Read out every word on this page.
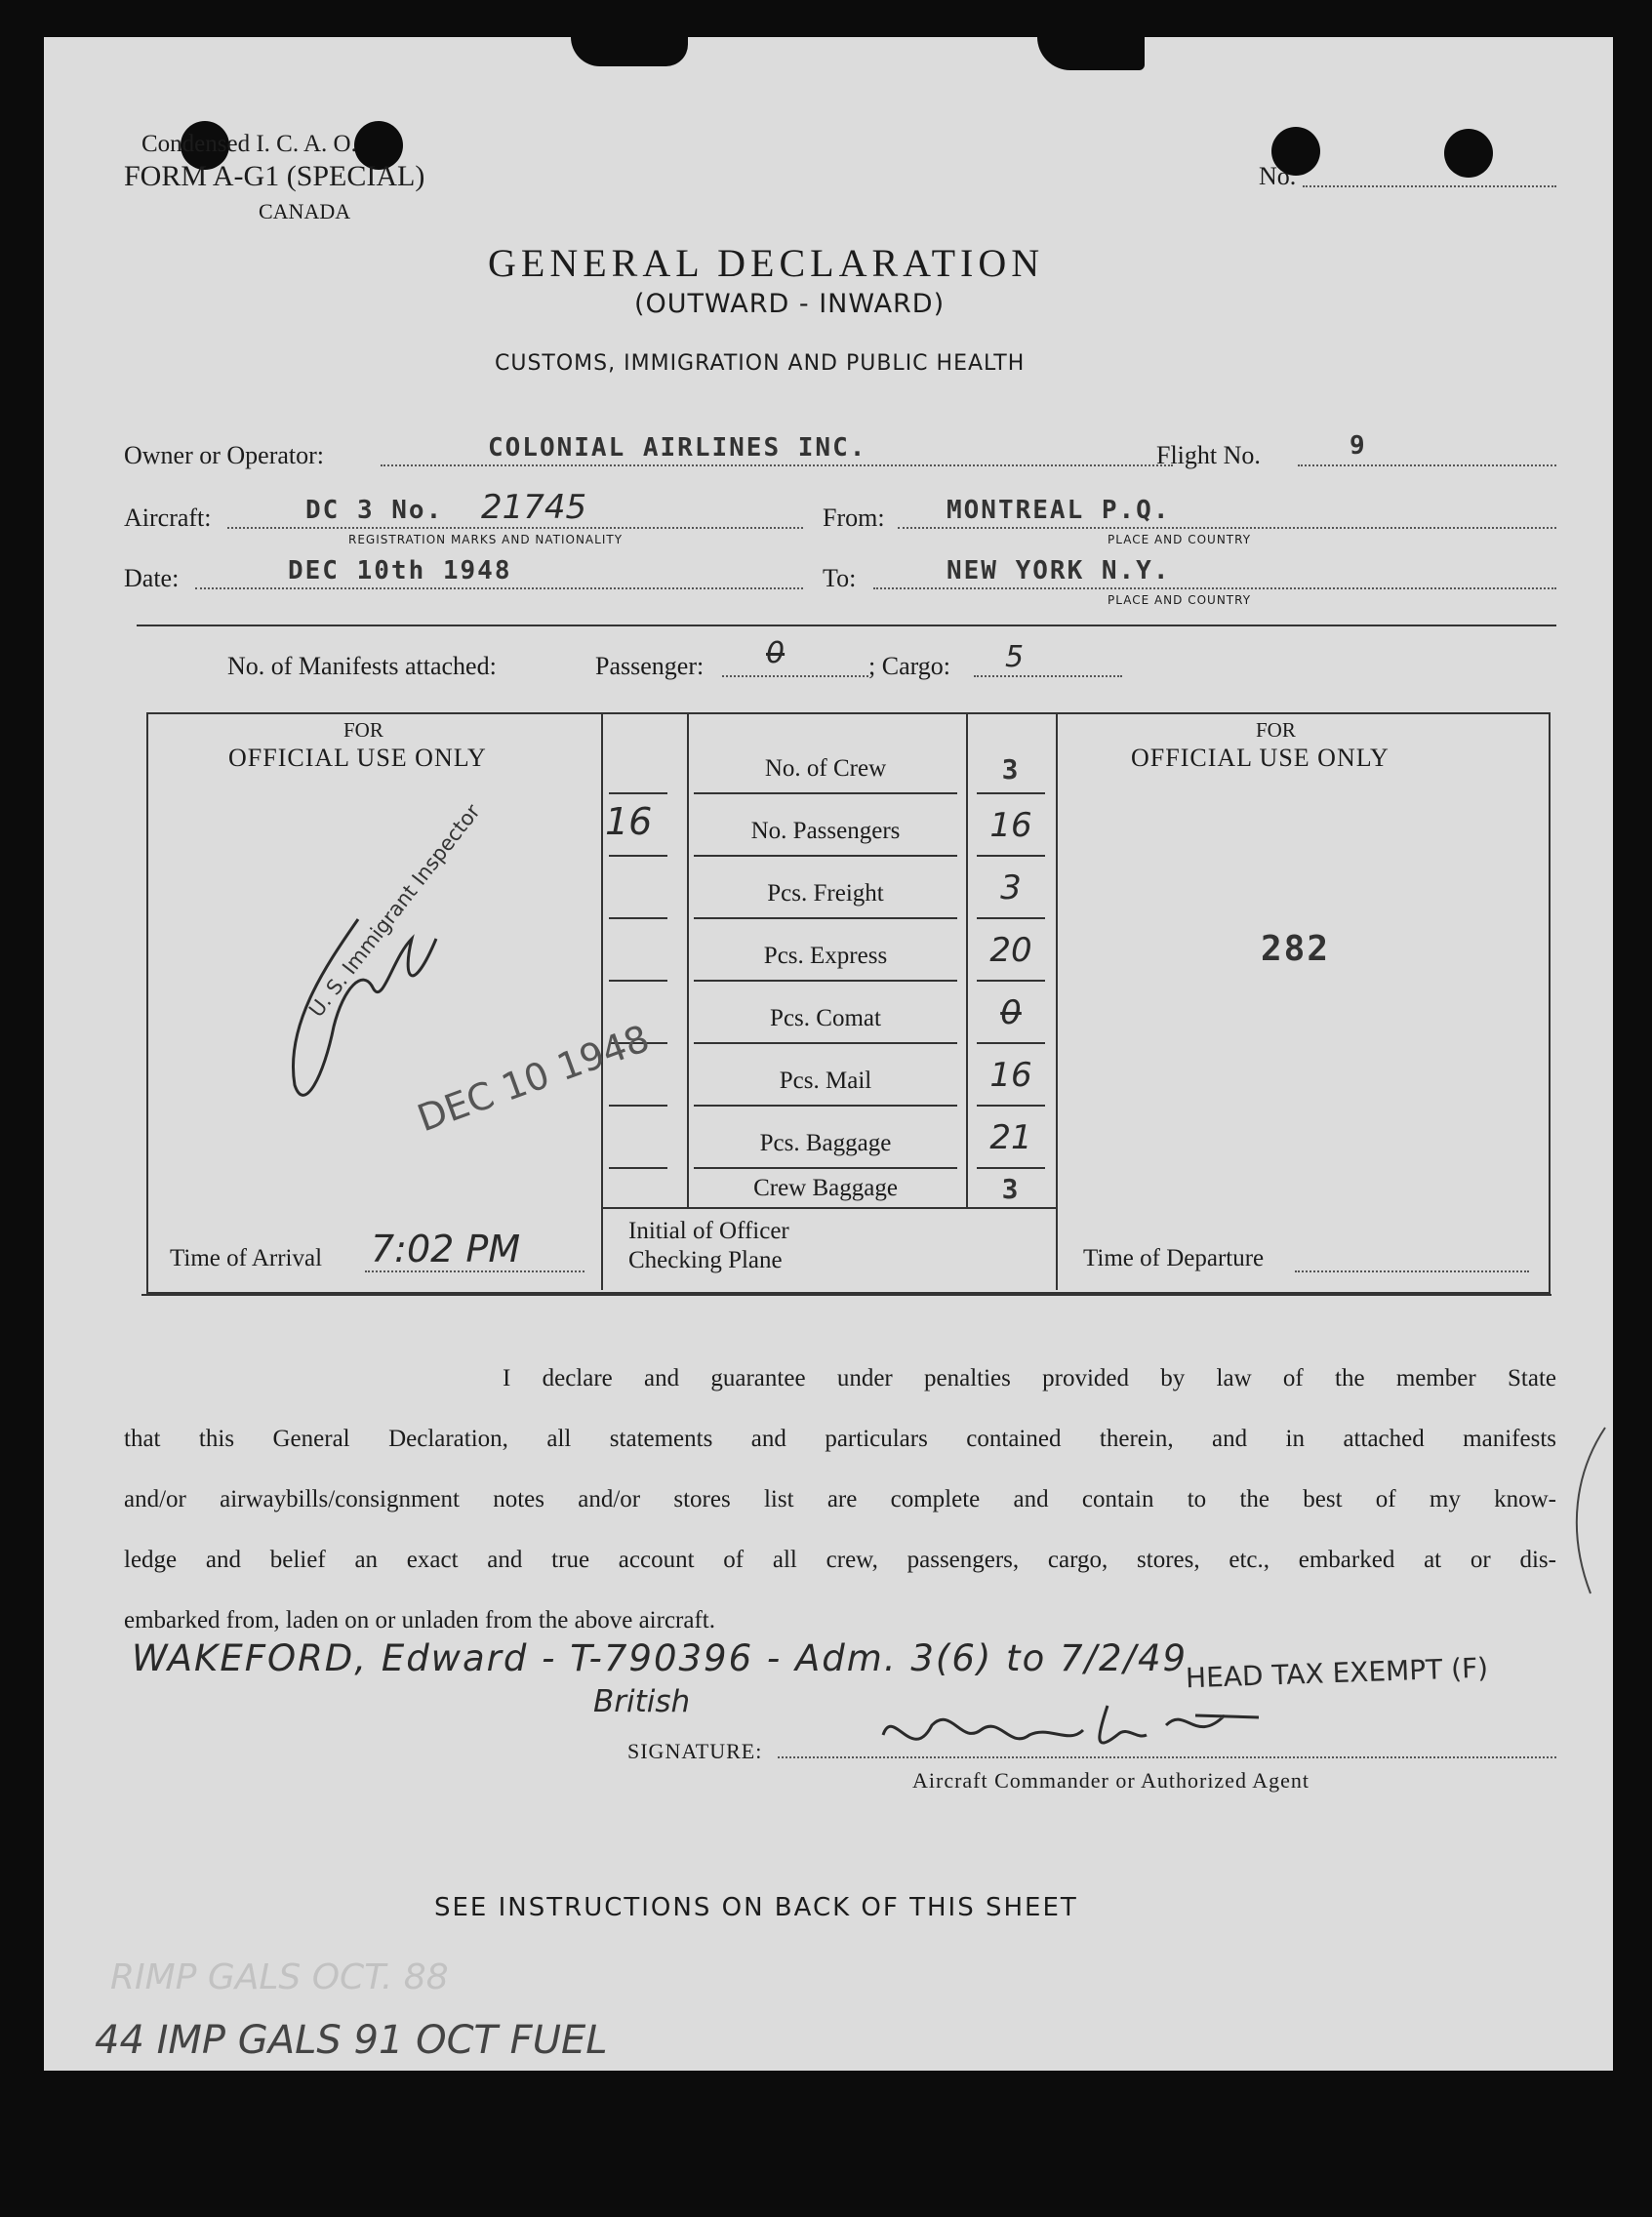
Condensed I. C. A. O.
FORM A-G1 (SPECIAL)
CANADA
No.
GENERAL DECLARATION
(OUTWARD - INWARD)
CUSTOMS, IMMIGRATION AND PUBLIC HEALTH
Owner or Operator:	COLONIAL AIRLINES INC.	Flight No.	9
Aircraft:	DC 3 No. 21745
REGISTRATION MARKS AND NATIONALITY
From: MONTREAL P.Q.
PLACE AND COUNTRY
Date:	DEC 10th 1948	To:	NEW YORK N.Y.
PLACE AND COUNTRY
No. of Manifests attached:	Passenger: 0	; Cargo: 5
FOR
OFFICIAL USE ONLY
FOR
OFFICIAL USE ONLY
282
No. of Crew	3
16	No. Passengers	16
Pcs. Freight	3
Pcs. Express	20
Pcs. Comat	0
Pcs. Mail	16
Pcs. Baggage	21
Crew Baggage	3
U. S. Immigrant Inspector
DEC 10 1948
Time of Arrival 7:02 PM	Initial of Officer
Checking Plane	Time of Departure
I declare and guarantee under penalties provided by law of the member State
that this General Declaration, all statements and particulars contained therein, and in attached manifests
and/or airwaybills/consignment notes and/or stores list are complete and contain to the best of my know-
ledge and belief an exact and true account of all crew, passengers, cargo, stores, etc., embarked at or dis-
embarked from, laden on or unladen from the above aircraft.
WAKEFORD, Edward - T-790396 - Adm. 3(6) to 7/2/49
British
HEAD TAX EXEMPT (F)
SIGNATURE:
Aircraft Commander or Authorized Agent
SEE INSTRUCTIONS ON BACK OF THIS SHEET
RIMP GALS OCT. 88
44 IMP GALS 91 OCT FUEL
